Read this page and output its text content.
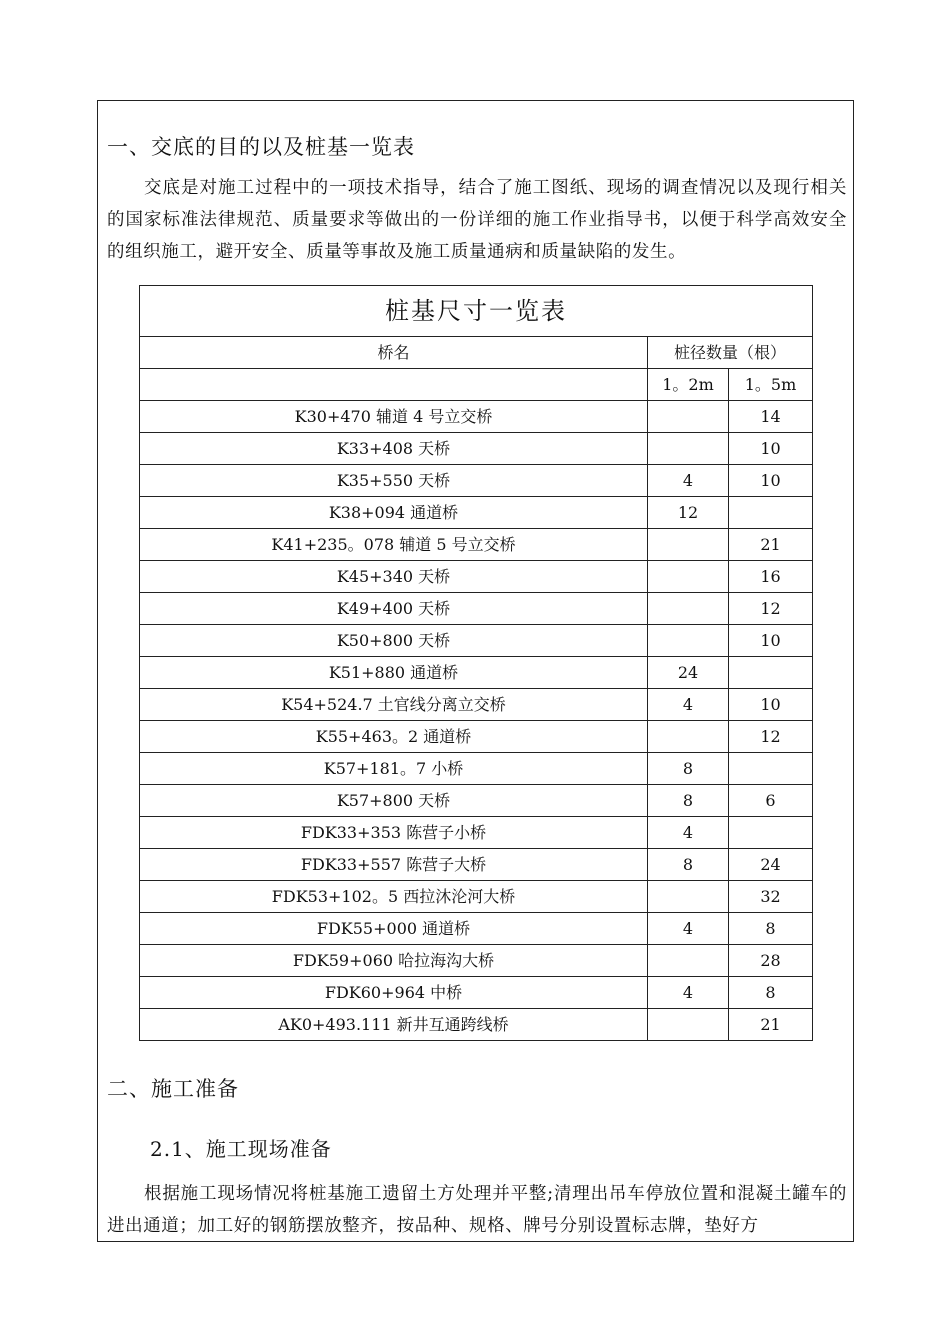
一、交底的目的以及桩基一览表

交底是对施工过程中的一项技术指导，结合了施工图纸、现场的调查情况以及现行相关的国家标准法律规范、质量要求等做出的一份详细的施工作业指导书，以便于科学高效安全的组织施工，避开安全、质量等事故及施工质量通病和质量缺陷的发生。

桩基尺寸一览表		
桥名	桩径数量（根）	
	1。2m	1。5m
K30+470 辅道 4 号立交桥		14
K33+408 天桥		10
K35+550 天桥	4	10
K38+094 通道桥	12	
K41+235。078 辅道 5 号立交桥		21
K45+340 天桥		16
K49+400 天桥		12
K50+800 天桥		10
K51+880 通道桥	24	
K54+524.7 土官线分离立交桥	4	10
K55+463。2 通道桥		12
K57+181。7 小桥	8	
K57+800 天桥	8	6
FDK33+353 陈营子小桥	4	
FDK33+557 陈营子大桥	8	24
FDK53+102。5 西拉沐沦河大桥		32
FDK55+000 通道桥	4	8
FDK59+060 哈拉海沟大桥		28
FDK60+964 中桥	4	8
AK0+493.111 新井互通跨线桥		21
二、施工准备
2.1、施工现场准备

根据施工现场情况将桩基施工遗留土方处理并平整;清理出吊车停放位置和混凝土罐车的进出通道；加工好的钢筋摆放整齐，按品种、规格、牌号分别设置标志牌，垫好方
